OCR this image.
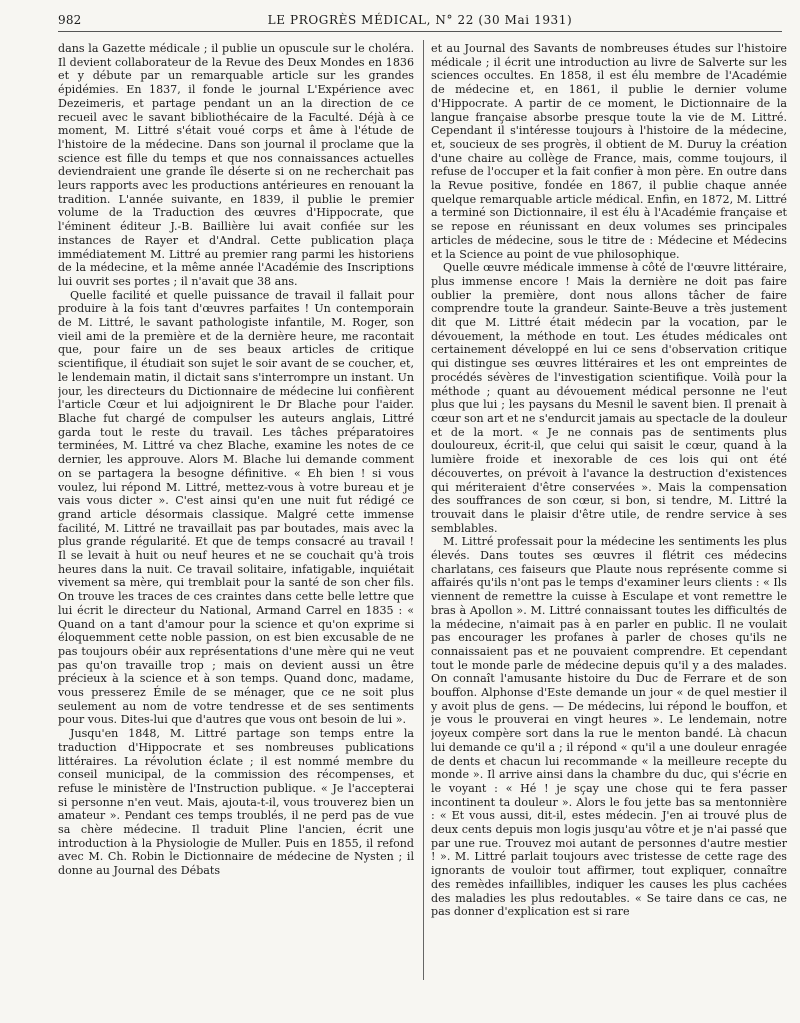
982	LE PROGRÈS MÉDICAL, N° 22 (30 Mai 1931)

dans la Gazette médicale ; il publie un opuscule sur le choléra. Il devient collaborateur de la Revue des Deux Mondes en 1836 et y débute par un remarquable article sur les grandes épidémies. En 1837, il fonde le journal L'Expérience avec Dezeimeris, et partage pendant un an la direction de ce recueil avec le savant bibliothécaire de la Faculté. Déjà à ce moment, M. Littré s'était voué corps et âme à l'étude de l'histoire de la médecine. Dans son journal il proclame que la science est fille du temps et que nos connaissances actuelles deviendraient une grande île déserte si on ne recherchait pas leurs rapports avec les productions antérieures en renouant la tradition. L'année suivante, en 1839, il publie le premier volume de la Traduction des œuvres d'Hippocrate, que l'éminent éditeur J.-B. Baillière lui avait confiée sur les instances de Rayer et d'Andral. Cette publication plaça immédiatement M. Littré au premier rang parmi les historiens de la médecine, et la même année l'Académie des Inscriptions lui ouvrit ses portes ; il n'avait que 38 ans.

Quelle facilité et quelle puissance de travail il fallait pour produire à la fois tant d'œuvres parfaites ! Un contemporain de M. Littré, le savant pathologiste infantile, M. Roger, son vieil ami de la première et de la dernière heure, me racontait que, pour faire un de ses beaux articles de critique scientifique, il étudiait son sujet le soir avant de se coucher, et, le lendemain matin, il dictait sans s'interrompre un instant. Un jour, les directeurs du Dictionnaire de médecine lui confièrent l'article Cœur et lui adjoignirent le Dr Blache pour l'aider. Blache fut chargé de compulser les auteurs anglais, Littré garda tout le reste du travail. Les tâches préparatoires terminées, M. Littré va chez Blache, examine les notes de ce dernier, les approuve. Alors M. Blache lui demande comment on se partagera la besogne définitive. « Eh bien ! si vous voulez, lui répond M. Littré, mettez-vous à votre bureau et je vais vous dicter ». C'est ainsi qu'en une nuit fut rédigé ce grand article désormais classique. Malgré cette immense facilité, M. Littré ne travaillait pas par boutades, mais avec la plus grande régularité. Et que de temps consacré au travail ! Il se levait à huit ou neuf heures et ne se couchait qu'à trois heures dans la nuit. Ce travail solitaire, infatigable, inquiétait vivement sa mère, qui tremblait pour la santé de son cher fils. On trouve les traces de ces craintes dans cette belle lettre que lui écrit le directeur du National, Armand Carrel en 1835 : « Quand on a tant d'amour pour la science et qu'on exprime si éloquemment cette noble passion, on est bien excusable de ne pas toujours obéir aux représentations d'une mère qui ne veut pas qu'on travaille trop ; mais on devient aussi un être précieux à la science et à son temps. Quand donc, madame, vous presserez Émile de se ménager, que ce ne soit plus seulement au nom de votre tendresse et de ses sentiments pour vous. Dites-lui que d'autres que vous ont besoin de lui ».

Jusqu'en 1848, M. Littré partage son temps entre la traduction d'Hippocrate et ses nombreuses publications littéraires. La révolution éclate ; il est nommé membre du conseil municipal, de la commission des récompenses, et refuse le ministère de l'Instruction publique. « Je l'accepterai si personne n'en veut. Mais, ajouta-t-il, vous trouverez bien un amateur ». Pendant ces temps troublés, il ne perd pas de vue sa chère médecine. Il traduit Pline l'ancien, écrit une introduction à la Physiologie de Muller. Puis en 1855, il refond avec M. Ch. Robin le Dictionnaire de médecine de Nysten ; il donne au Journal des Débats

et au Journal des Savants de nombreuses études sur l'histoire médicale ; il écrit une introduction au livre de Salverte sur les sciences occultes. En 1858, il est élu membre de l'Académie de médecine et, en 1861, il publie le dernier volume d'Hippocrate. A partir de ce moment, le Dictionnaire de la langue française absorbe presque toute la vie de M. Littré. Cependant il s'intéresse toujours à l'histoire de la médecine, et, soucieux de ses progrès, il obtient de M. Duruy la création d'une chaire au collège de France, mais, comme toujours, il refuse de l'occuper et la fait confier à mon père. En outre dans la Revue positive, fondée en 1867, il publie chaque année quelque remarquable article médical. Enfin, en 1872, M. Littré a terminé son Dictionnaire, il est élu à l'Académie française et se repose en réunissant en deux volumes ses principales articles de médecine, sous le titre de : Médecine et Médecins et la Science au point de vue philosophique.

Quelle œuvre médicale immense à côté de l'œuvre littéraire, plus immense encore ! Mais la dernière ne doit pas faire oublier la première, dont nous allons tâcher de faire comprendre toute la grandeur. Sainte-Beuve a très justement dit que M. Littré était médecin par la vocation, par le dévouement, la méthode en tout. Les études médicales ont certainement développé en lui ce sens d'observation critique qui distingue ses œuvres littéraires et les ont empreintes de procédés sévères de l'investigation scientifique. Voilà pour la méthode ; quant au dévouement médical personne ne l'eut plus que lui ; les paysans du Mesnil le savent bien. Il prenait à cœur son art et ne s'endurcit jamais au spectacle de la douleur et de la mort. « Je ne connais pas de sentiments plus douloureux, écrit-il, que celui qui saisit le cœur, quand à la lumière froide et inexorable de ces lois qui ont été découvertes, on prévoit à l'avance la destruction d'existences qui mériteraient d'être conservées ». Mais la compensation des souffrances de son cœur, si bon, si tendre, M. Littré la trouvait dans le plaisir d'être utile, de rendre service à ses semblables.

M. Littré professait pour la médecine les sentiments les plus élevés. Dans toutes ses œuvres il flétrit ces médecins charlatans, ces faiseurs que Plaute nous représente comme si affairés qu'ils n'ont pas le temps d'examiner leurs clients : « Ils viennent de remettre la cuisse à Esculape et vont remettre le bras à Apollon ». M. Littré connaissant toutes les difficultés de la médecine, n'aimait pas à en parler en public. Il ne voulait pas encourager les profanes à parler de choses qu'ils ne connaissaient pas et ne pouvaient comprendre. Et cependant tout le monde parle de médecine depuis qu'il y a des malades. On connaît l'amusante histoire du Duc de Ferrare et de son bouffon. Alphonse d'Este demande un jour « de quel mestier il y avoit plus de gens. — De médecins, lui répond le bouffon, et je vous le prouverai en vingt heures ». Le lendemain, notre joyeux compère sort dans la rue le menton bandé. Là chacun lui demande ce qu'il a ; il répond « qu'il a une douleur enragée de dents et chacun lui recommande « la meilleure recepte du monde ». Il arrive ainsi dans la chambre du duc, qui s'écrie en le voyant : « Hé ! je sçay une chose qui te fera passer incontinent ta douleur ». Alors le fou jette bas sa mentonnière : « Et vous aussi, dit-il, estes médecin. J'en ai trouvé plus de deux cents depuis mon logis jusqu'au vôtre et je n'ai passé que par une rue. Trouvez moi autant de personnes d'autre mestier ! ». M. Littré parlait toujours avec tristesse de cette rage des ignorants de vouloir tout affirmer, tout expliquer, connaître des remèdes infaillibles, indiquer les causes les plus cachées des maladies les plus redoutables. « Se taire dans ce cas, ne pas donner d'explication est si rare
